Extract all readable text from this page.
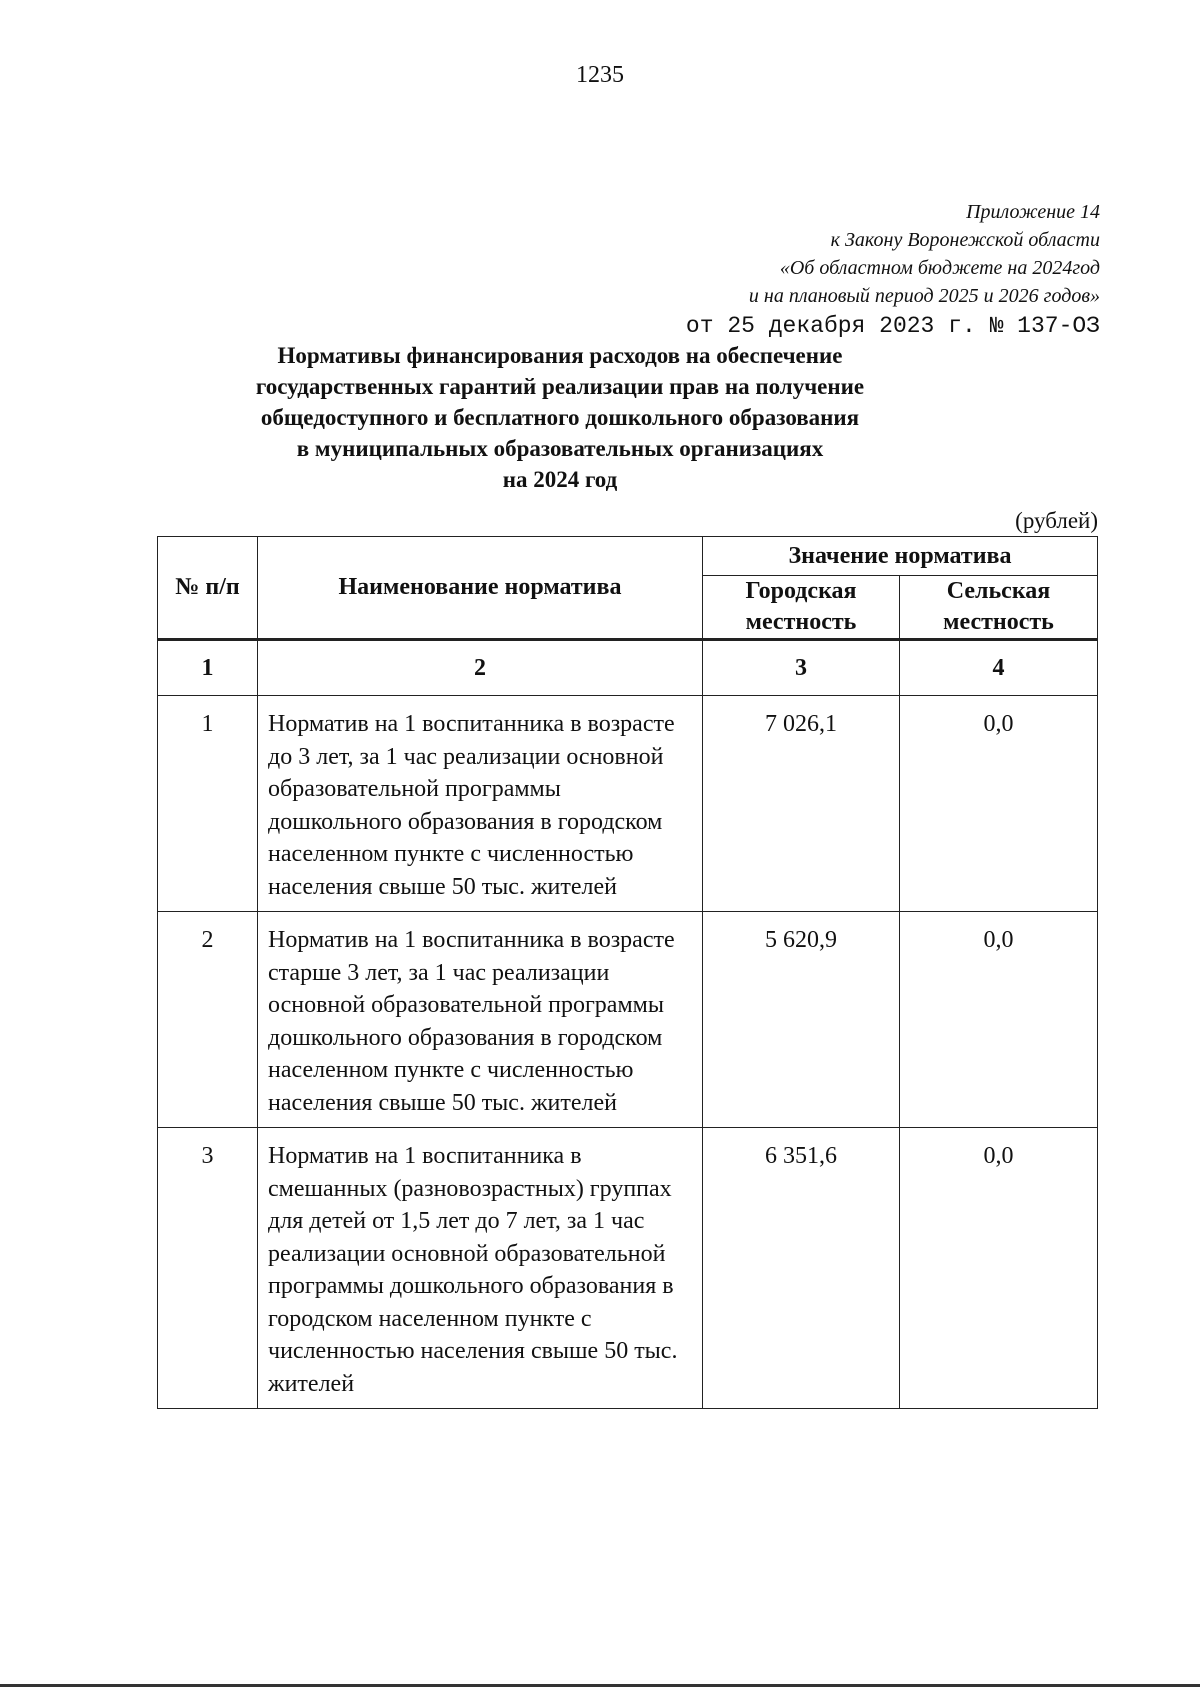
1235
Приложение 14
к Закону Воронежской области
«Об областном бюджете на 2024год
и на плановый период 2025 и 2026 годов»
от 25 декабря 2023 г. № 137-ОЗ
Нормативы финансирования расходов на обеспечение
государственных гарантий реализации прав на получение
общедоступного и бесплатного дошкольного образования
в муниципальных образовательных организациях
на 2024 год
(рублей)
№ п/п	Наименование норматива	Значение норматива	
		Городская местность	Сельская местность
1	2	3	4
1	Норматив на 1 воспитанника в возрасте до 3 лет, за 1 час реализации основной образовательной программы дошкольного образования в городском населенном пункте с численностью населения свыше 50 тыс. жителей	7 026,1	0,0
2	Норматив на 1 воспитанника в возрасте старше 3 лет, за 1 час реализации основной образовательной программы дошкольного образования в городском населенном пункте с численностью населения свыше 50 тыс. жителей	5 620,9	0,0
3	Норматив на 1 воспитанника в смешанных (разновозрастных) группах для детей от 1,5 лет до 7 лет, за 1 час реализации основной образовательной программы дошкольного образования в городском населенном пункте с численностью населения свыше 50 тыс. жителей	6 351,6	0,0
